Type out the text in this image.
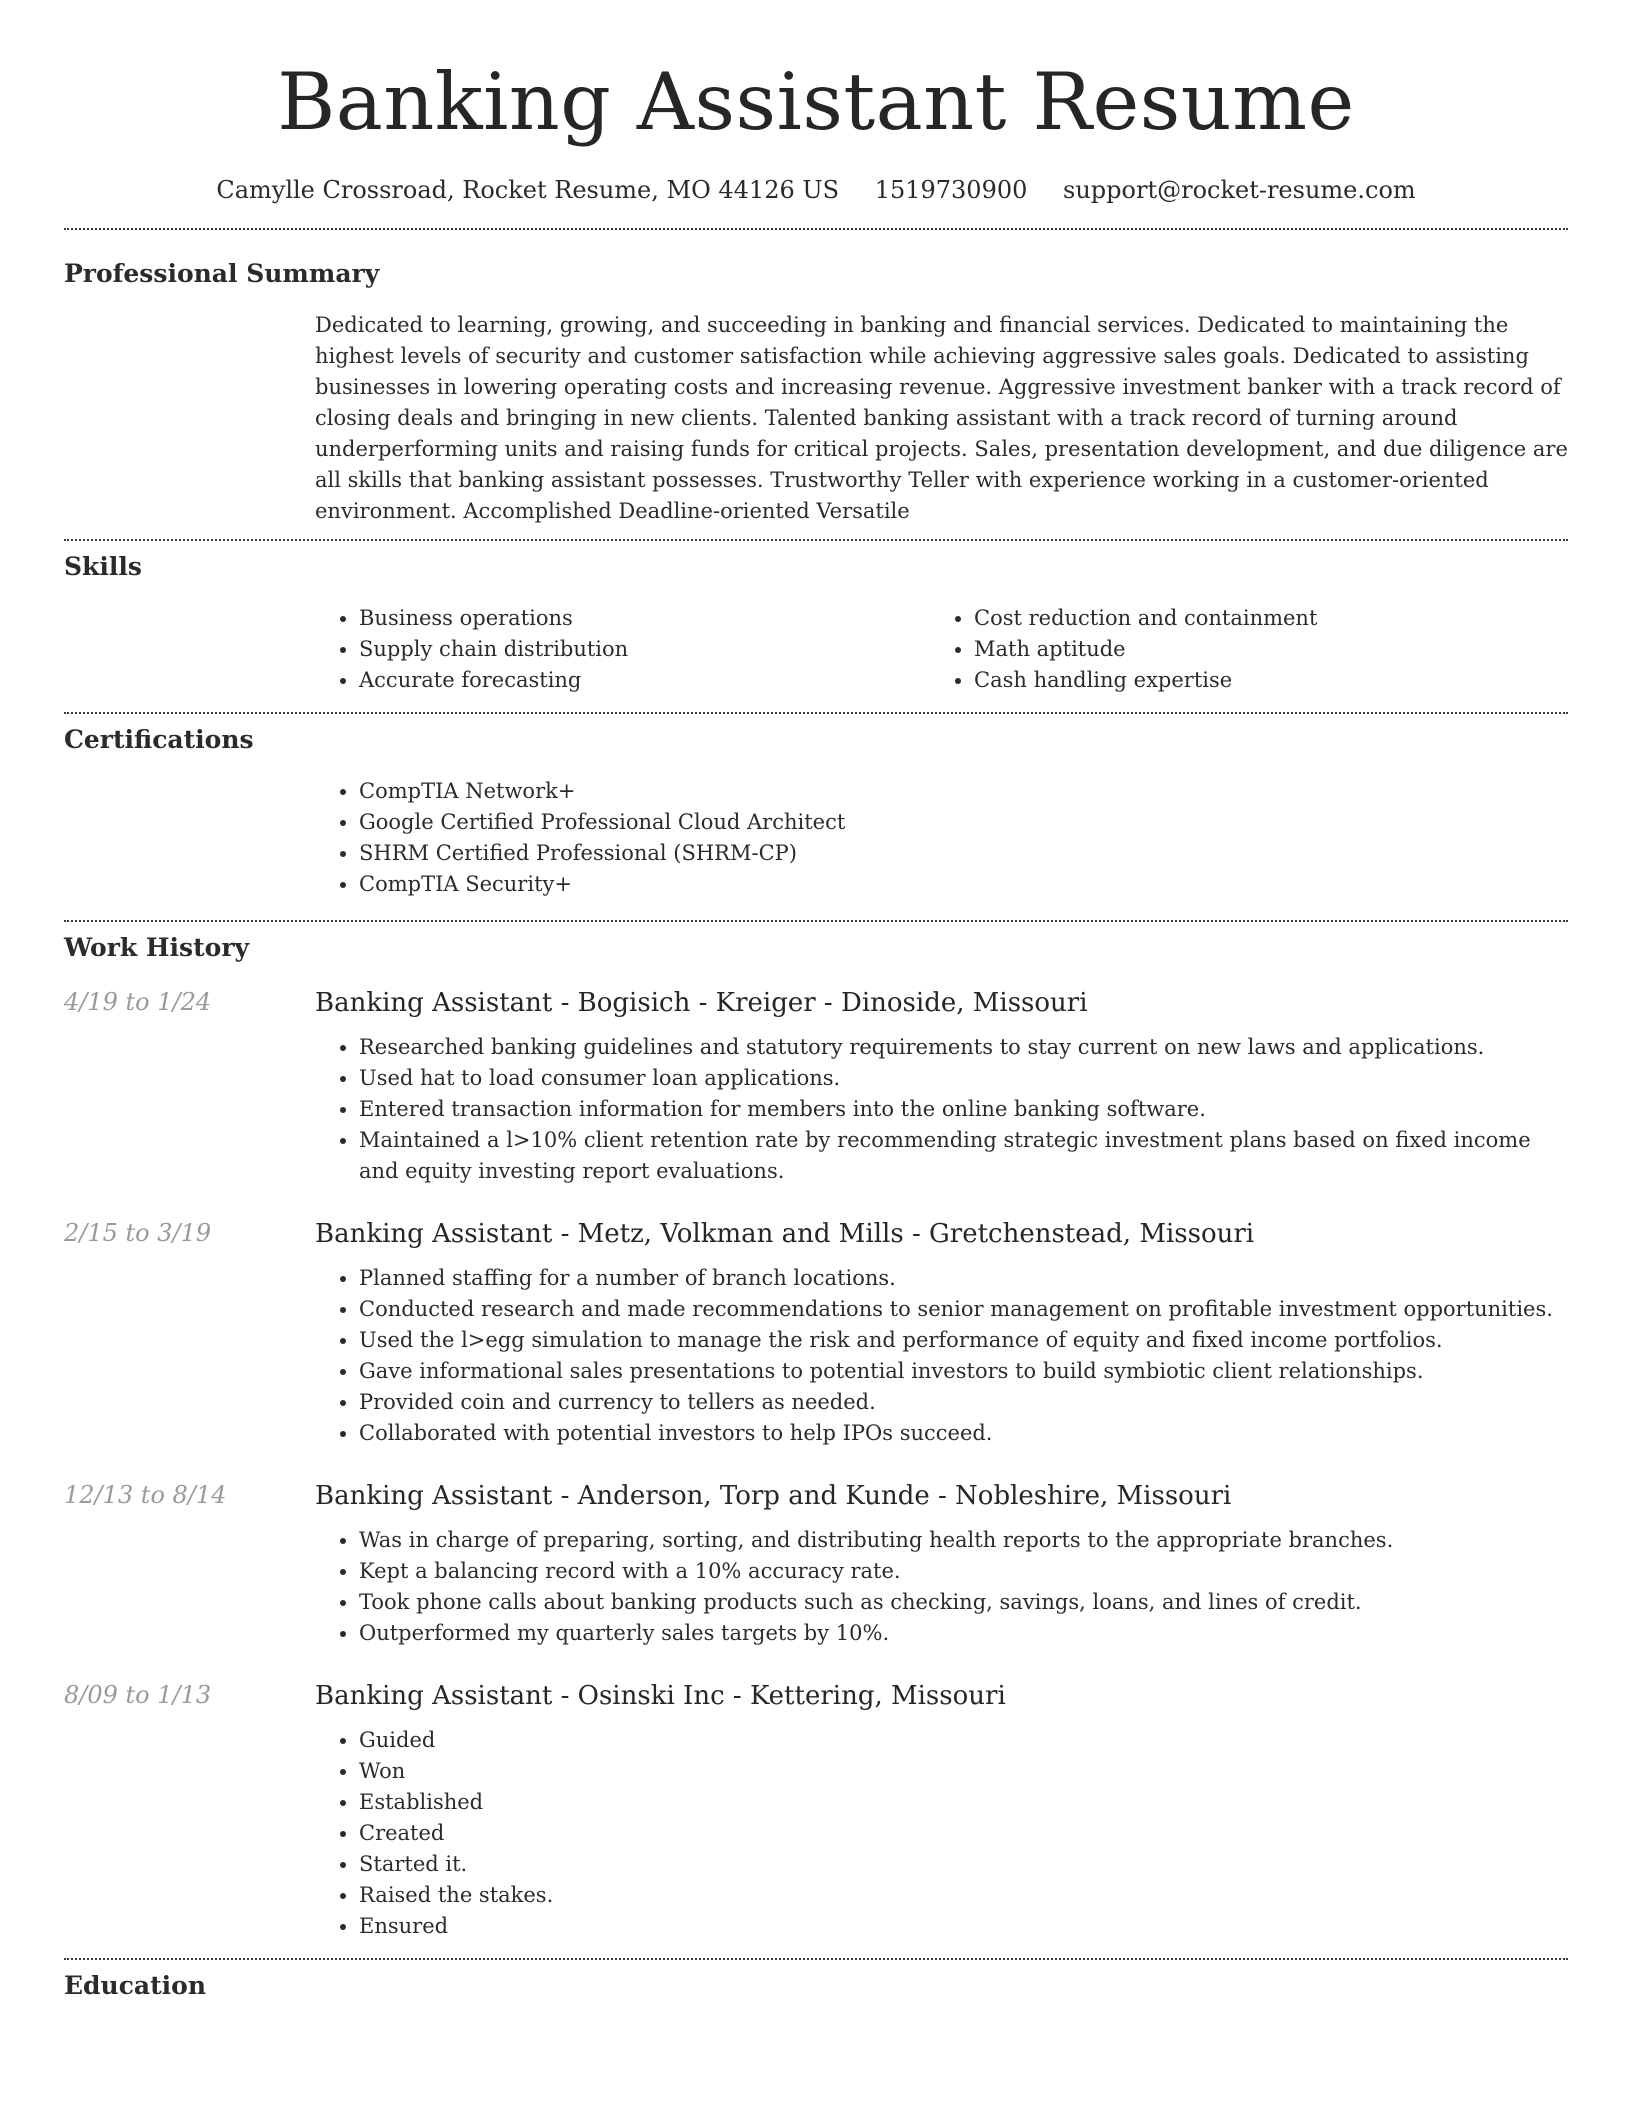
Banking Assistant Resume
Camylle Crossroad, Rocket Resume, MO 44126 US 1519730900 support@rocket-resume.com
Professional Summary

Dedicated to learning, growing, and succeeding in banking and financial services. Dedicated to maintaining the highest levels of security and customer satisfaction while achieving aggressive sales goals. Dedicated to assisting businesses in lowering operating costs and increasing revenue. Aggressive investment banker with a track record of closing deals and bringing in new clients. Talented banking assistant with a track record of turning around underperforming units and raising funds for critical projects. Sales, presentation development, and due diligence are all skills that banking assistant possesses. Trustworthy Teller with experience working in a customer-oriented environment. Accomplished Deadline-oriented Versatile

Skills
• Business operations
• Supply chain distribution
• Accurate forecasting
• Cost reduction and containment
• Math aptitude
• Cash handling expertise
Certifications
• CompTIA Network+
• Google Certified Professional Cloud Architect
• SHRM Certified Professional (SHRM-CP)
• CompTIA Security+
Work History
4/19 to 1/24	Banking Assistant - Bogisich - Kreiger - Dinoside, Missouri
• Researched banking guidelines and statutory requirements to stay current on new laws and applications.
• Used hat to load consumer loan applications.
• Entered transaction information for members into the online banking software.
• Maintained a l>10% client retention rate by recommending strategic investment plans based on fixed income and equity investing report evaluations.
2/15 to 3/19	Banking Assistant - Metz, Volkman and Mills - Gretchenstead, Missouri
• Planned staffing for a number of branch locations.
• Conducted research and made recommendations to senior management on profitable investment opportunities.
• Used the l>egg simulation to manage the risk and performance of equity and fixed income portfolios.
• Gave informational sales presentations to potential investors to build symbiotic client relationships.
• Provided coin and currency to tellers as needed.
• Collaborated with potential investors to help IPOs succeed.
12/13 to 8/14	Banking Assistant - Anderson, Torp and Kunde - Nobleshire, Missouri
• Was in charge of preparing, sorting, and distributing health reports to the appropriate branches.
• Kept a balancing record with a 10% accuracy rate.
• Took phone calls about banking products such as checking, savings, loans, and lines of credit.
• Outperformed my quarterly sales targets by 10%.
8/09 to 1/13	Banking Assistant - Osinski Inc - Kettering, Missouri
• Guided
• Won
• Established
• Created
• Started it.
• Raised the stakes.
• Ensured
Education
